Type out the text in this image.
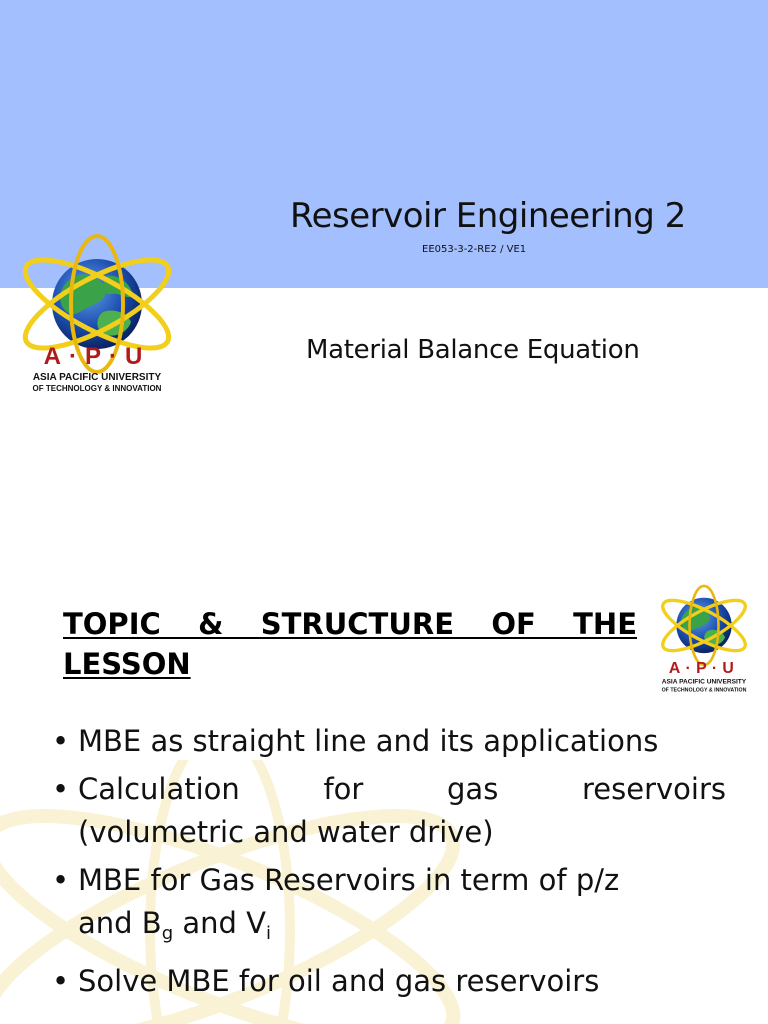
A·P·U
ASIA PACIFIC UNIVERSITY
OF TECHNOLOGY & INNOVATION
Reservoir Engineering 2
EE053-3-2-RE2 / VE1
Material Balance Equation
A·P·U
ASIA PACIFIC UNIVERSITY
OF TECHNOLOGY & INNOVATION
TOPIC & STRUCTURE OF THE
LESSON
• MBE as straight line and its applications
• Calculation for gas reservoirs
(volumetric and water drive)
• MBE for Gas Reservoirs in term of p/z
and $B_g$ and $V_i$
• Solve MBE for oil and gas reservoirs
